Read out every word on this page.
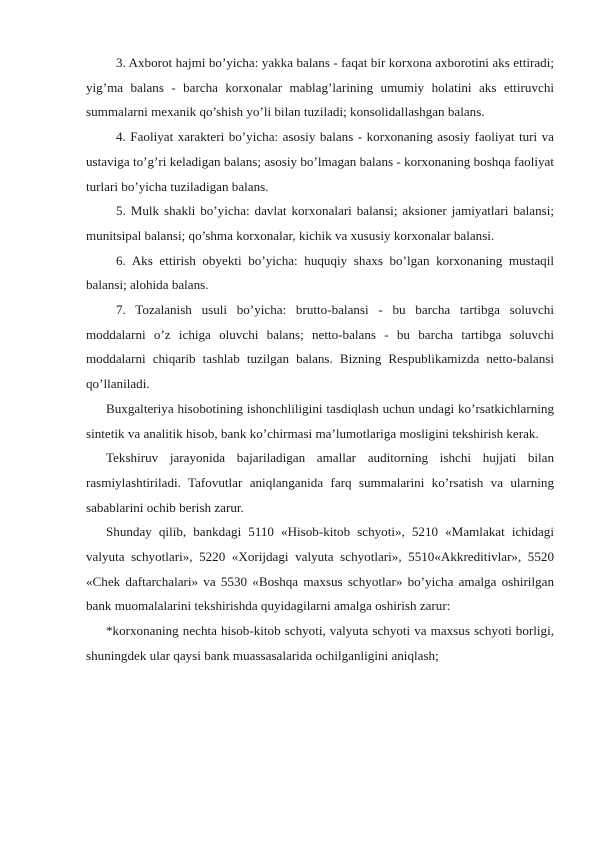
3. Axborot hajmi bo’yicha: yakka balans - faqat bir korxona axborotini aks ettiradi; yig’ma balans - barcha korxonalar mablag’larining umumiy holatini aks ettiruvchi summalarni mexanik qo’shish yo’li bilan tuziladi; konsolidallashgan balans.

4. Faoliyat xarakteri bo’yicha: asosiy balans - korxonaning asosiy faoliyat turi va ustaviga to’g’ri keladigan balans; asosiy bo’lmagan balans - korxonaning boshqa faoliyat turlari bo’yicha tuziladigan balans.

5. Mulk shakli bo’yicha: davlat korxonalari balansi; aksioner jamiyatlari balansi; munitsipal balansi; qo’shma korxonalar, kichik va xususiy korxonalar balansi.

6. Aks ettirish obyekti bo’yicha: huquqiy shaxs bo’lgan korxonaning mustaqil balansi; alohida balans.

7. Tozalanish usuli bo’yicha: brutto-balansi - bu barcha tartibga soluvchi moddalarni o’z ichiga oluvchi balans; netto-balans - bu barcha tartibga soluvchi moddalarni chiqarib tashlab tuzilgan balans. Bizning Respublikamizda netto-balansi qo’llaniladi.

Buxgalteriya hisobotining ishonchliligini tasdiqlash uchun undagi ko’rsatkichlarning sintetik va analitik hisob, bank ko’chirmasi ma’lumotlariga mosligini tekshirish kerak.

Tekshiruv jarayonida bajariladigan amallar auditorning ishchi hujjati bilan rasmiylashtiriladi. Tafovutlar aniqlanganida farq summalarini ko’rsatish va ularning sabablarini ochib berish zarur.

Shunday qilib, bankdagi 5110 «Hisob-kitob schyoti», 5210 «Mamlakat ichidagi valyuta schyotlari», 5220 «Xorijdagi valyuta schyotlari», 5510«Akkreditivlar», 5520 «Chek daftarchalari» va 5530 «Boshqa maxsus schyotlar» bo’yicha amalga oshirilgan bank muomalalarini tekshirishda quyidagilarni amalga oshirish zarur:

*korxonaning nechta hisob-kitob schyoti, valyuta schyoti va maxsus schyoti borligi, shuningdek ular qaysi bank muassasalarida ochilganligini aniqlash;
